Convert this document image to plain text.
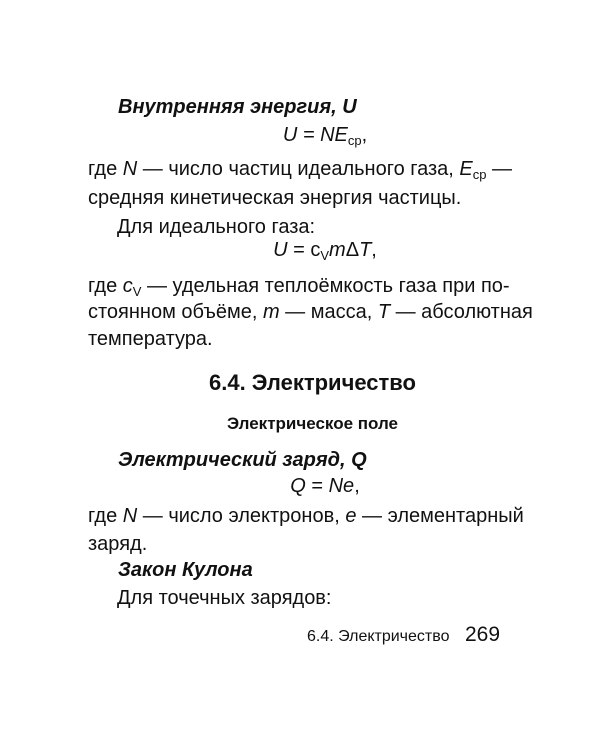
Внутренняя энергия, U
$U = NE_{ср}$,
где N — число частиц идеального газа, $E_{ср}$ —
средняя кинетическая энергия частицы.
Для идеального газа:
$U = c_Vm\Delta T$,
где $c_V$ — удельная теплоёмкость газа при по-
стоянном объёме, m — масса, T — абсолютная
температура.
6.4. Электричество
Электрическое поле
Электрический заряд, Q
Q = Ne,
где N — число электронов, e — элементарный
заряд.
Закон Кулона
Для точечных зарядов:
6.4. Электричество 269
